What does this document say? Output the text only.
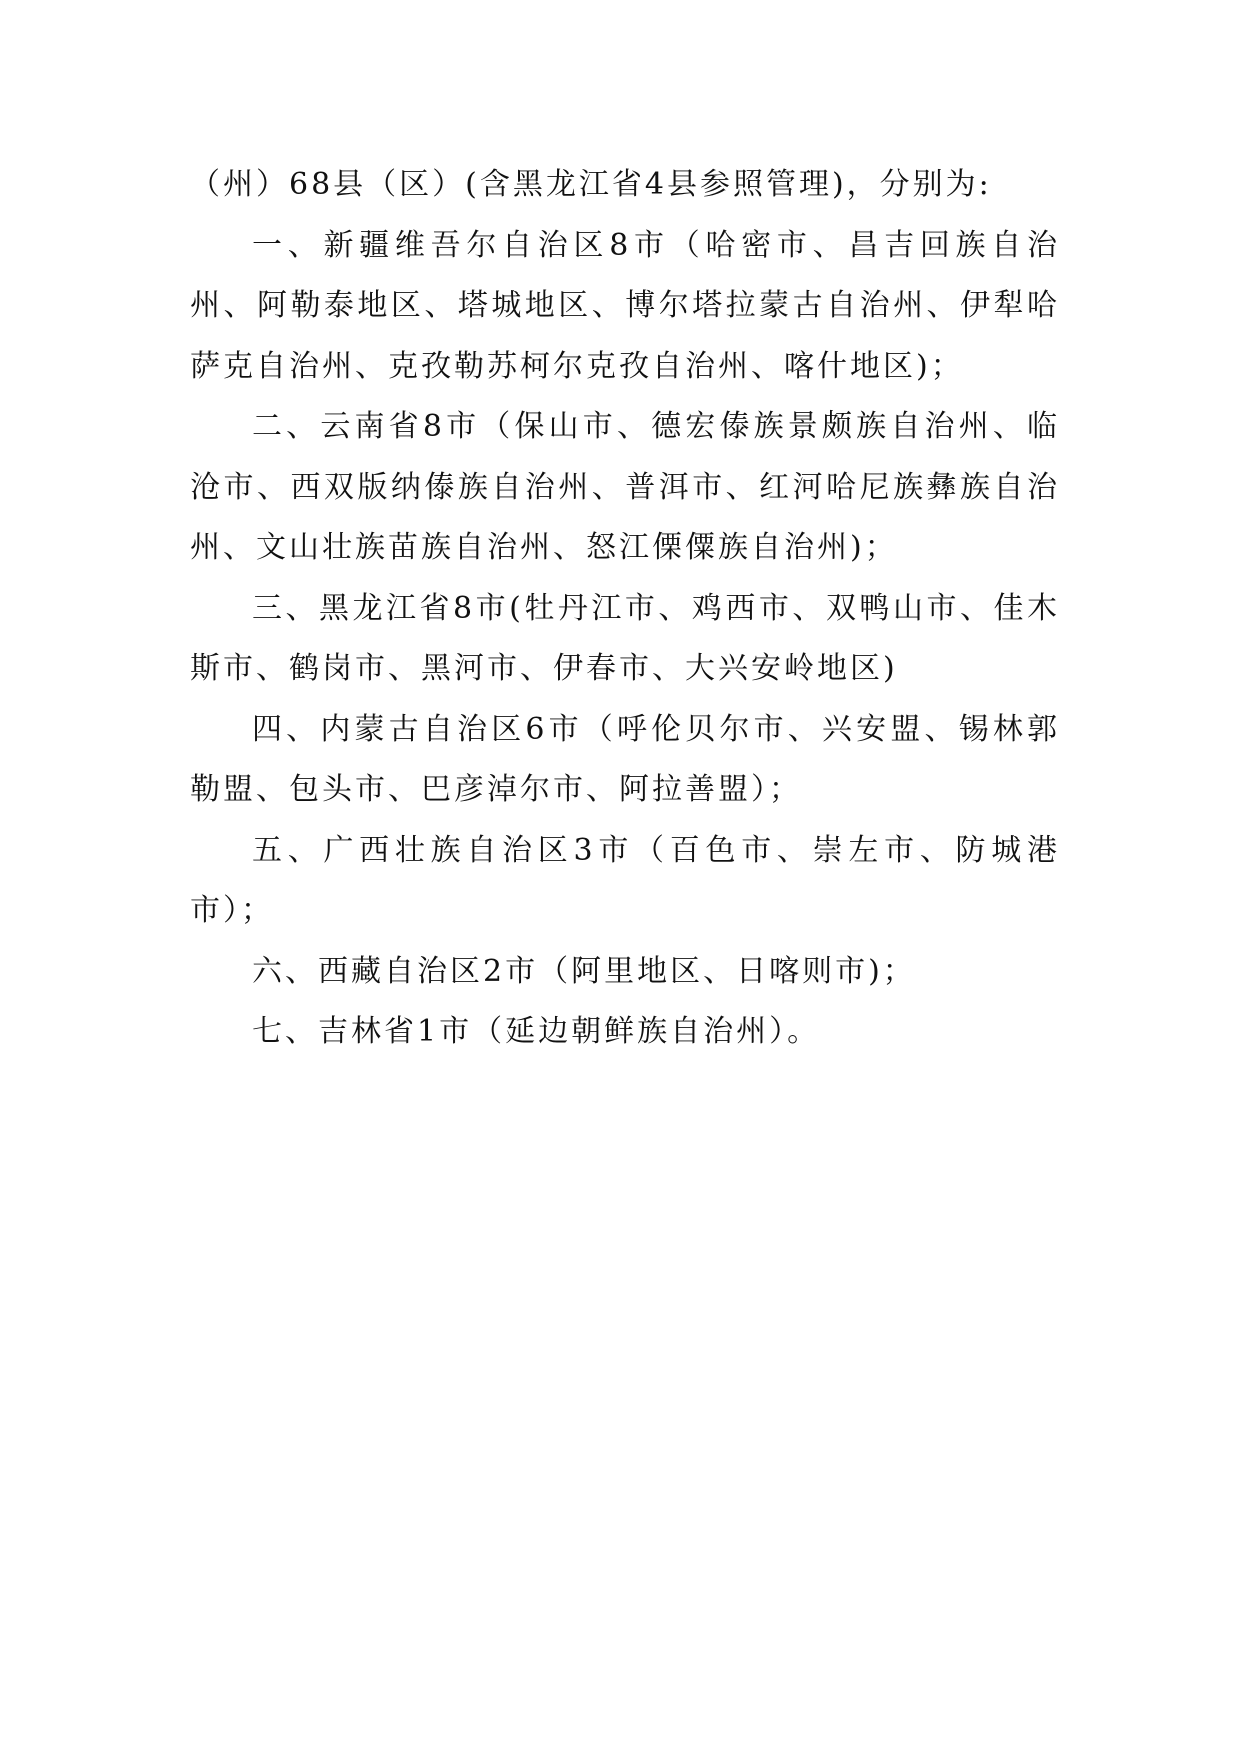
（州）68县（区）(含黑龙江省4县参照管理)，分别为:

一、新疆维吾尔自治区8市（哈密市、昌吉回族自治州、阿勒泰地区、塔城地区、博尔塔拉蒙古自治州、伊犁哈萨克自治州、克孜勒苏柯尔克孜自治州、喀什地区)；

二、云南省8市（保山市、德宏傣族景颇族自治州、临沧市、西双版纳傣族自治州、普洱市、红河哈尼族彝族自治州、文山壮族苗族自治州、怒江傈僳族自治州)；

三、黑龙江省8市(牡丹江市、鸡西市、双鸭山市、佳木斯市、鹤岗市、黑河市、伊春市、大兴安岭地区)

四、内蒙古自治区6市（呼伦贝尔市、兴安盟、锡林郭勒盟、包头市、巴彦淖尔市、阿拉善盟）；

五、广西壮族自治区3市（百色市、崇左市、防城港市）；

六、西藏自治区2市（阿里地区、日喀则市)；

七、吉林省1市（延边朝鲜族自治州）。
